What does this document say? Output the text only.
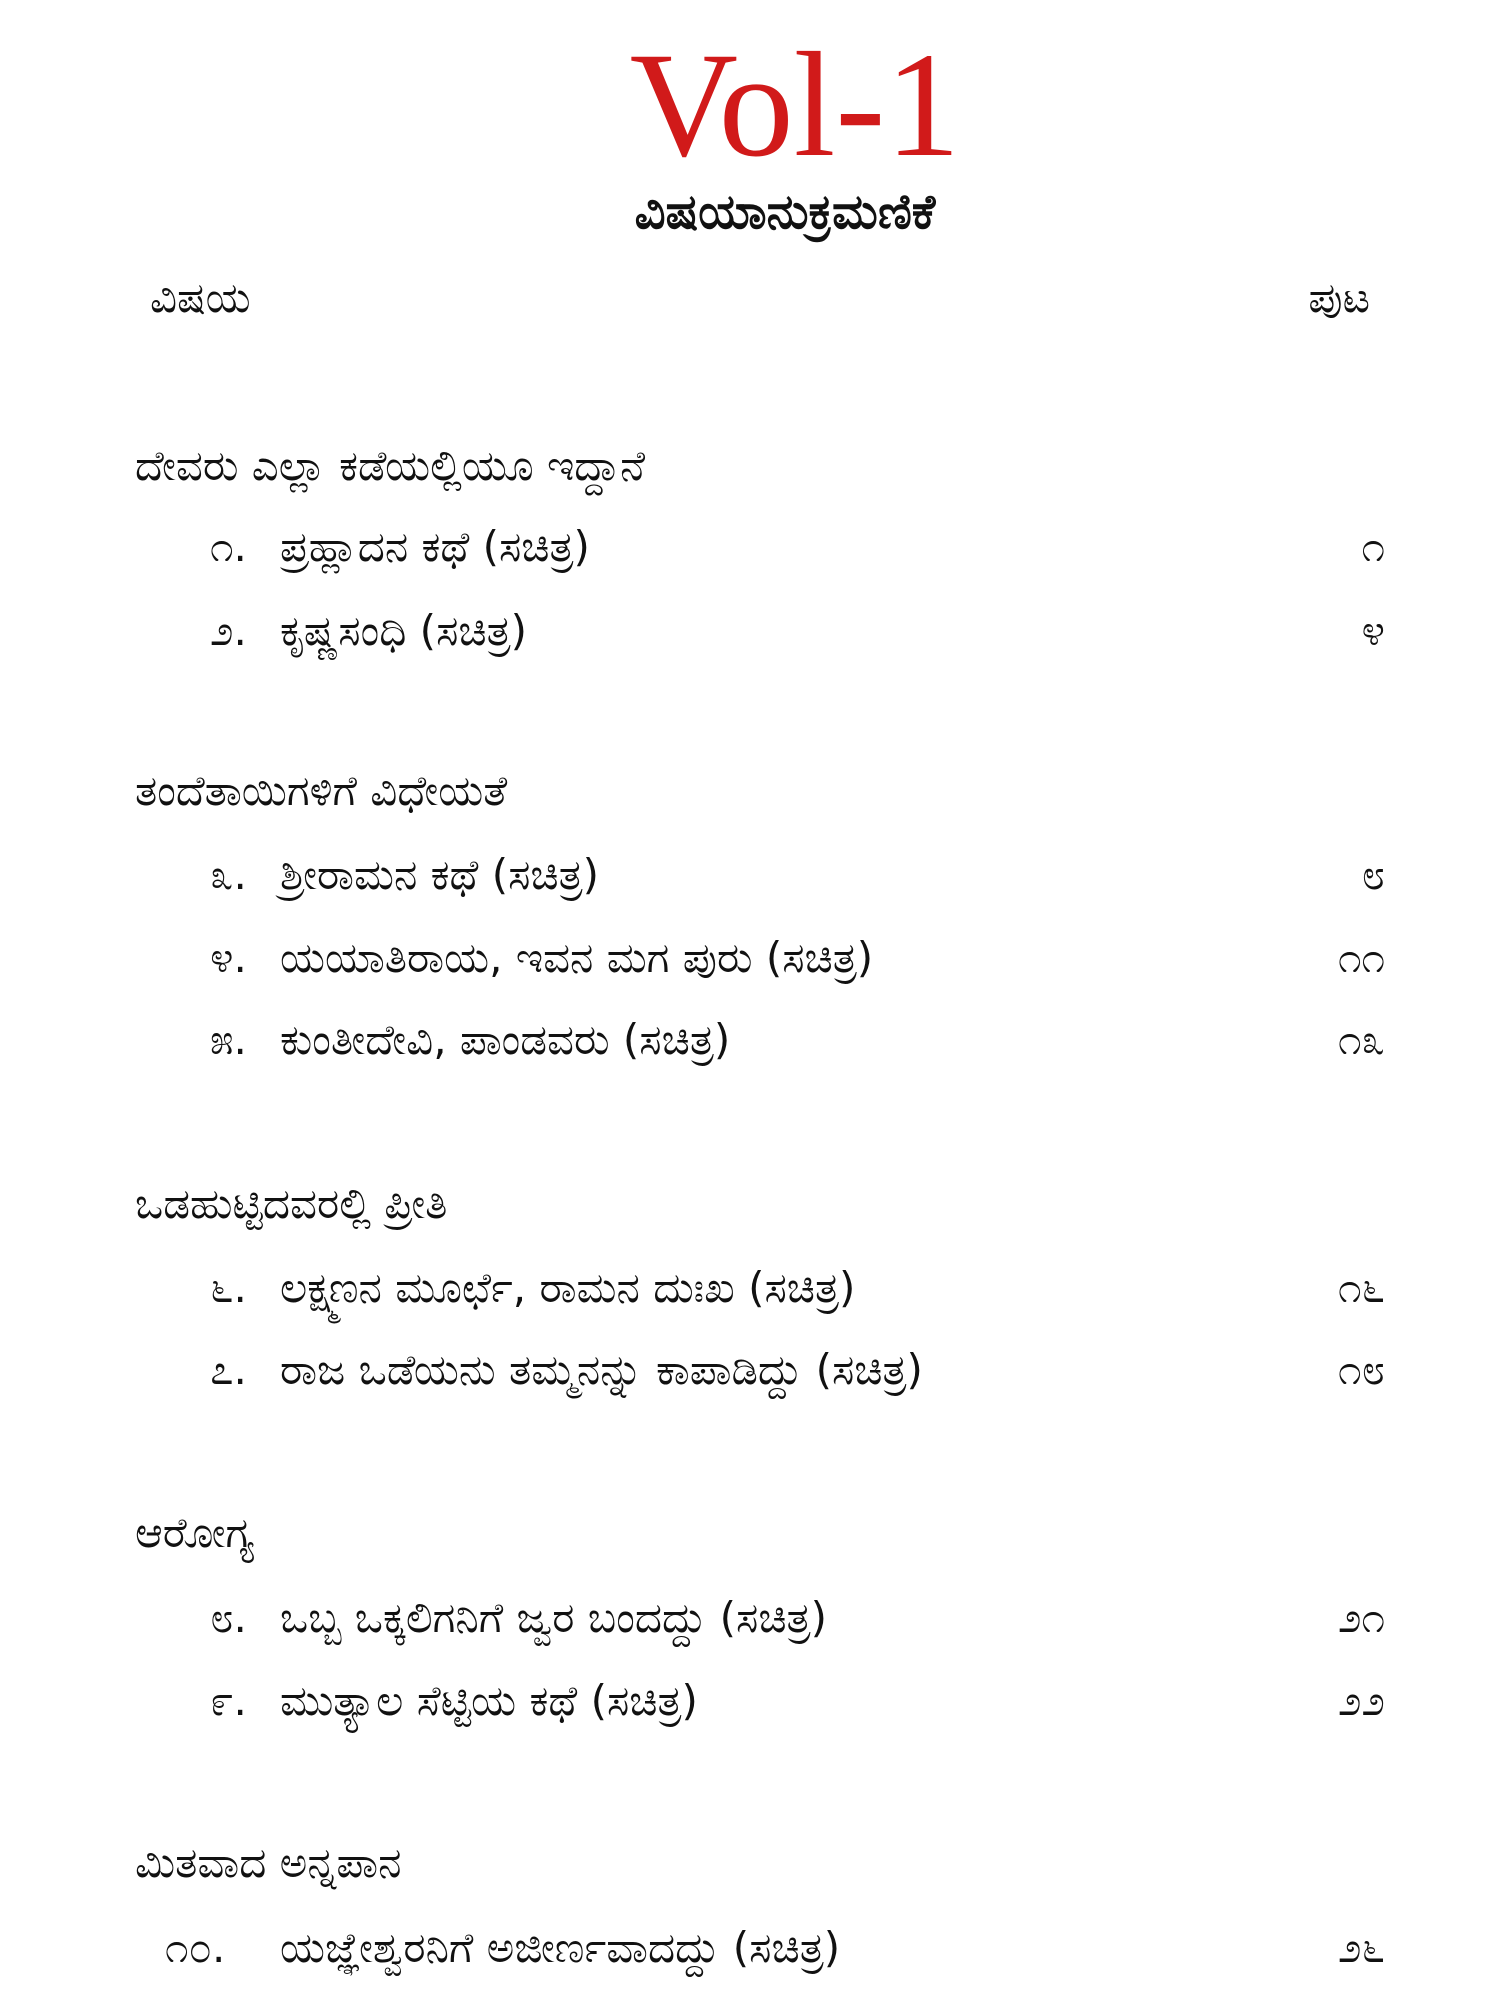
Vol-1
ವಿಷಯಾನುಕ್ರಮಣಿಕೆ
ವಿಷಯ	ಪುಟ
ದೇವರು ಎಲ್ಲಾ ಕಡೆಯಲ್ಲಿಯೂ ಇದ್ದಾನೆ
೧. ಪ್ರಹ್ಲಾದನ ಕಥೆ (ಸಚಿತ್ರ)	೧
೨. ಕೃಷ್ಣಸಂಧಿ (ಸಚಿತ್ರ)	೪
ತಂದೆತಾಯಿಗಳಿಗೆ ವಿಧೇಯತೆ
೩. ಶ್ರೀರಾಮನ ಕಥೆ (ಸಚಿತ್ರ)	೮
೪. ಯಯಾತಿರಾಯ, ಇವನ ಮಗ ಪುರು (ಸಚಿತ್ರ)	೧೧
೫. ಕುಂತೀದೇವಿ, ಪಾಂಡವರು (ಸಚಿತ್ರ)	೧೩
ಒಡಹುಟ್ಟಿದವರಲ್ಲಿ ಪ್ರೀತಿ
೬. ಲಕ್ಷ್ಮಣನ ಮೂರ್ಛೆ, ರಾಮನ ದುಃಖ (ಸಚಿತ್ರ)	೧೬
೭. ರಾಜ ಒಡೆಯನು ತಮ್ಮನನ್ನು ಕಾಪಾಡಿದ್ದು (ಸಚಿತ್ರ)	೧೮
ಆರೋಗ್ಯ
೮. ಒಬ್ಬ ಒಕ್ಕಲಿಗನಿಗೆ ಜ್ವರ ಬಂದದ್ದು (ಸಚಿತ್ರ)	೨೧
೯. ಮುತ್ಯಾಲ ಸೆಟ್ಟಿಯ ಕಥೆ (ಸಚಿತ್ರ)	೨೨
ಮಿತವಾದ ಅನ್ನಪಾನ
೧೦.	ಯಜ್ಞೇಶ್ವರನಿಗೆ ಅಜೀರ್ಣವಾದದ್ದು (ಸಚಿತ್ರ)	೨೬
